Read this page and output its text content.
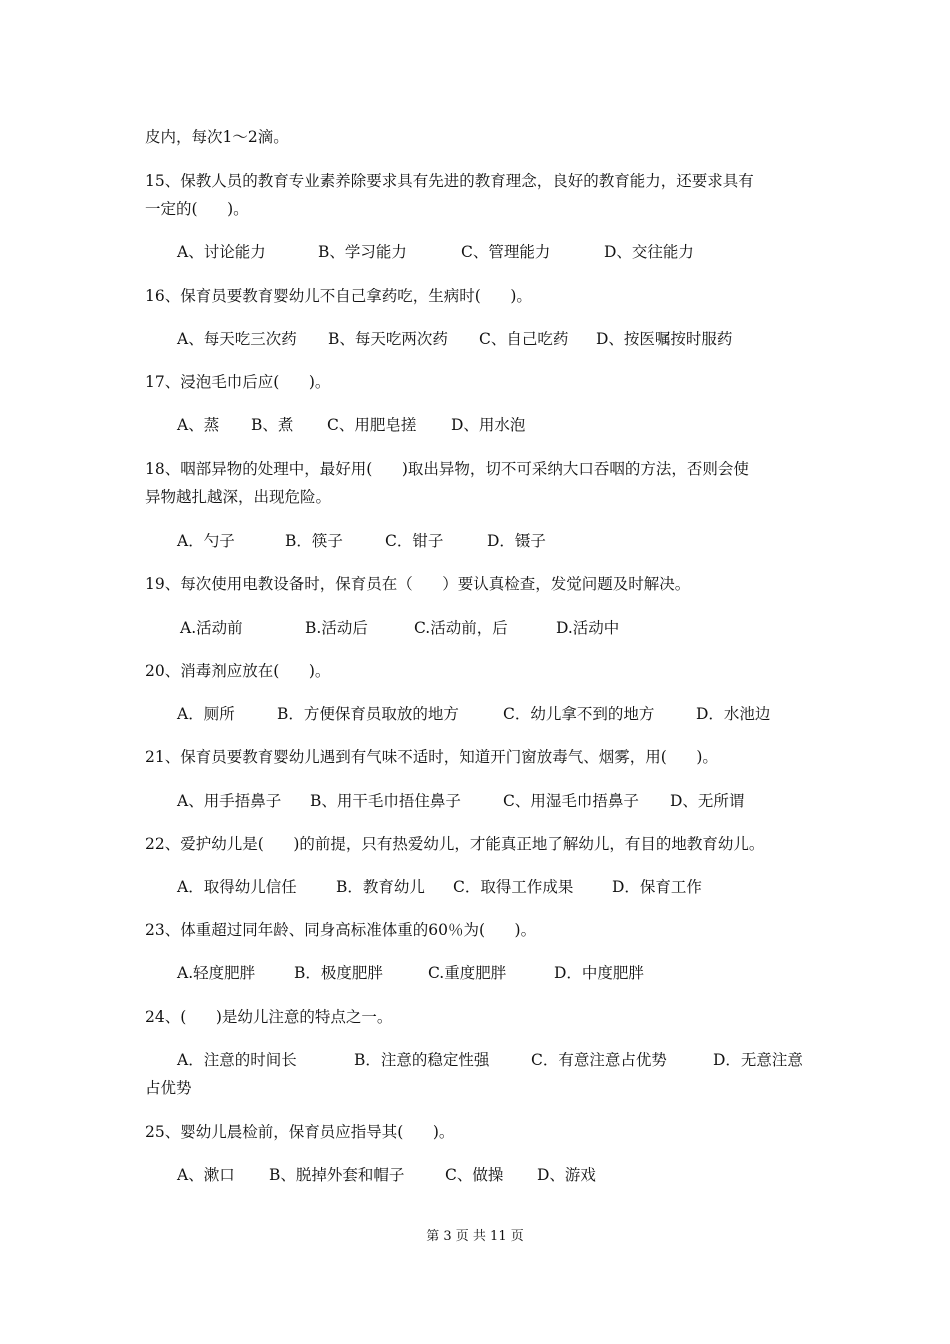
皮内，每次1～2滴。
15、保教人员的教育专业素养除要求具有先进的教育理念，良好的教育能力，还要求具有
一定的(      )。
A、讨论能力	B、学习能力	C、管理能力	D、交往能力
16、保育员要教育婴幼儿不自己拿药吃，生病时(      )。
A、每天吃三次药 B、每天吃两次药 C、自己吃药 D、按医嘱按时服药
17、浸泡毛巾后应(      )。
A、蒸 B、煮 C、用肥皂搓 D、用水泡
18、咽部异物的处理中，最好用(      )取出异物，切不可采纳大口吞咽的方法，否则会使
异物越扎越深，出现危险。
A．勺子	B．筷子	C．钳子	D．镊子
19、每次使用电教设备时，保育员在（      ）要认真检查，发觉问题及时解决。
A.活动前	B.活动后	C.活动前，后	D.活动中
20、消毒剂应放在(      )。
A．厕所	B．方便保育员取放的地方	C．幼儿拿不到的地方	D．水池边
21、保育员要教育婴幼儿遇到有气味不适时，知道开门窗放毒气、烟雾，用(      )。
A、用手捂鼻子 B、用干毛巾捂住鼻子	C、用湿毛巾捂鼻子 D、无所谓
22、爱护幼儿是(      )的前提，只有热爱幼儿，才能真正地了解幼儿，有目的地教育幼儿。
A．取得幼儿信任	B．教育幼儿 C．取得工作成果 D．保育工作
23、体重超过同年龄、同身高标准体重的60％为(      )。
A.轻度肥胖	B．极度肥胖	C.重度肥胖	D．中度肥胖
24、(      )是幼儿注意的特点之一。
A．注意的时间长	B．注意的稳定性强	C．有意注意占优势	D．无意注意
占优势
25、婴幼儿晨检前，保育员应指导其(      )。
A、漱口 B、脱掉外套和帽子	C、做操 D、游戏
第 3 页 共 11 页
